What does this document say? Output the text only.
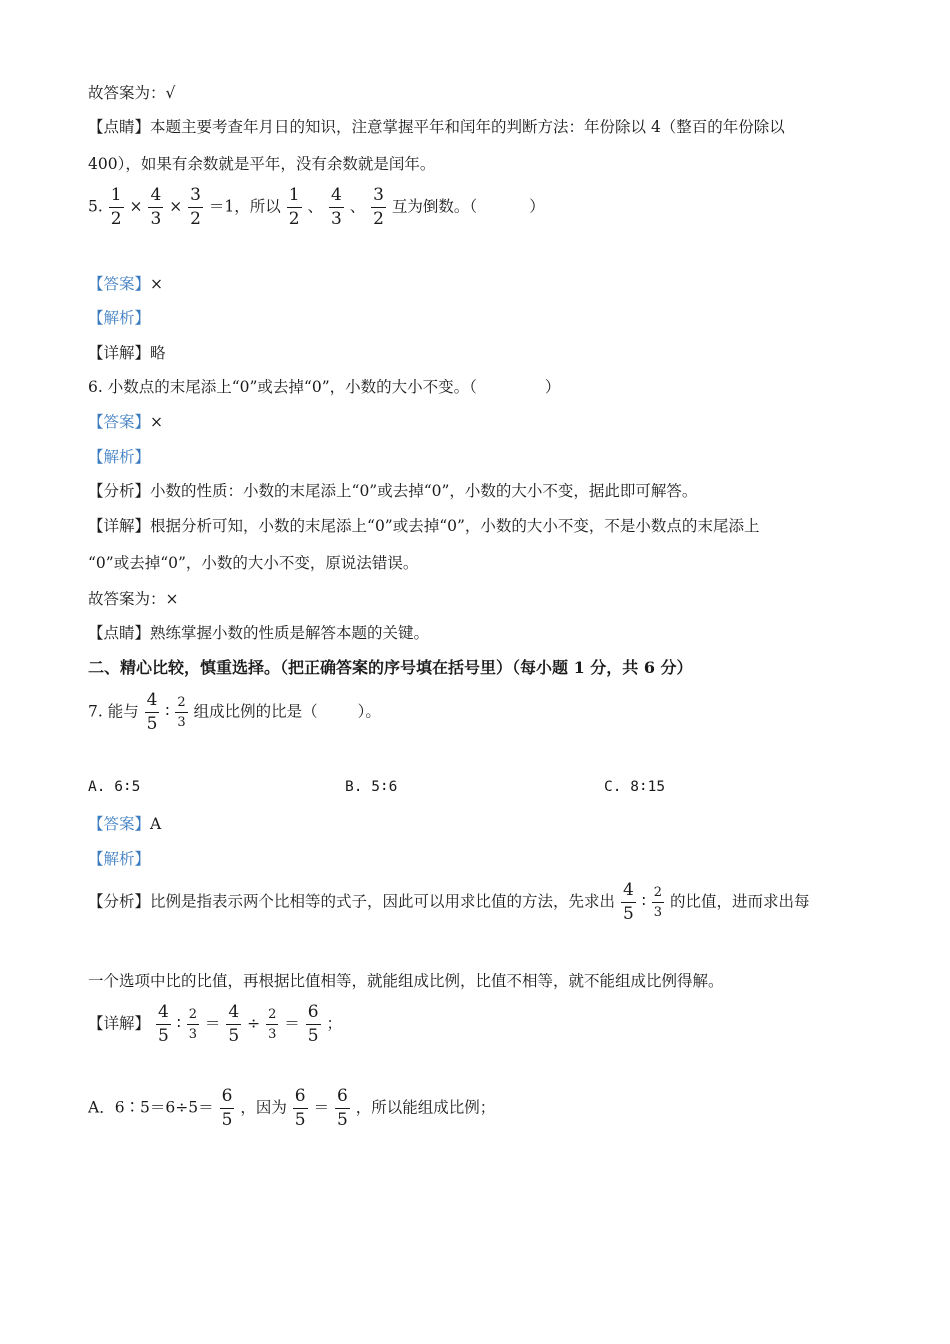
故答案为：√
【点睛】本题主要考查年月日的知识，注意掌握平年和闰年的判断方法：年份除以 4（整百的年份除以
400），如果有余数就是平年，没有余数就是闰年。
5. $\frac{1}{2} \times \frac{4}{3} \times \frac{3}{2} =1$，所以 $\frac{1}{2}$ 、 $\frac{4}{3}$ 、 $\frac{3}{2}$ 互为倒数。（	）
【答案】×
【解析】
【详解】略
6. 小数点的末尾添上“0”或去掉“0”，小数的大小不变。（	）
【答案】×
【解析】
【分析】小数的性质：小数的末尾添上“0”或去掉“0”，小数的大小不变，据此即可解答。
【详解】根据分析可知，小数的末尾添上“0”或去掉“0”，小数的大小不变，不是小数点的末尾添上
“0”或去掉“0”，小数的大小不变，原说法错误。
故答案为：×
【点睛】熟练掌握小数的性质是解答本题的关键。
二、精心比较，慎重选择。（把正确答案的序号填在括号里）（每小题 1 分，共 6 分）
7. 能与 $\frac{4}{5}$ ∶ $\frac{2}{3}$ 组成比例的比是（	）。
A. 6∶5	B. 5∶6	C. 8∶15
【答案】A
【解析】
【分析】比例是指表示两个比相等的式子，因此可以用求比值的方法，先求出 $\frac{4}{5}$ ∶ $\frac{2}{3}$ 的比值，进而求出每
一个选项中比的比值，再根据比值相等，就能组成比例，比值不相等，就不能组成比例得解。
【详解】 $\frac{4}{5}$ ∶ $\frac{2}{3} = \frac{4}{5} \div \frac{2}{3} = \frac{6}{5}$ ；
A．6∶5＝6÷5＝ $\frac{6}{5}$ ，因为 $\frac{6}{5} = \frac{6}{5}$ ，所以能组成比例；
